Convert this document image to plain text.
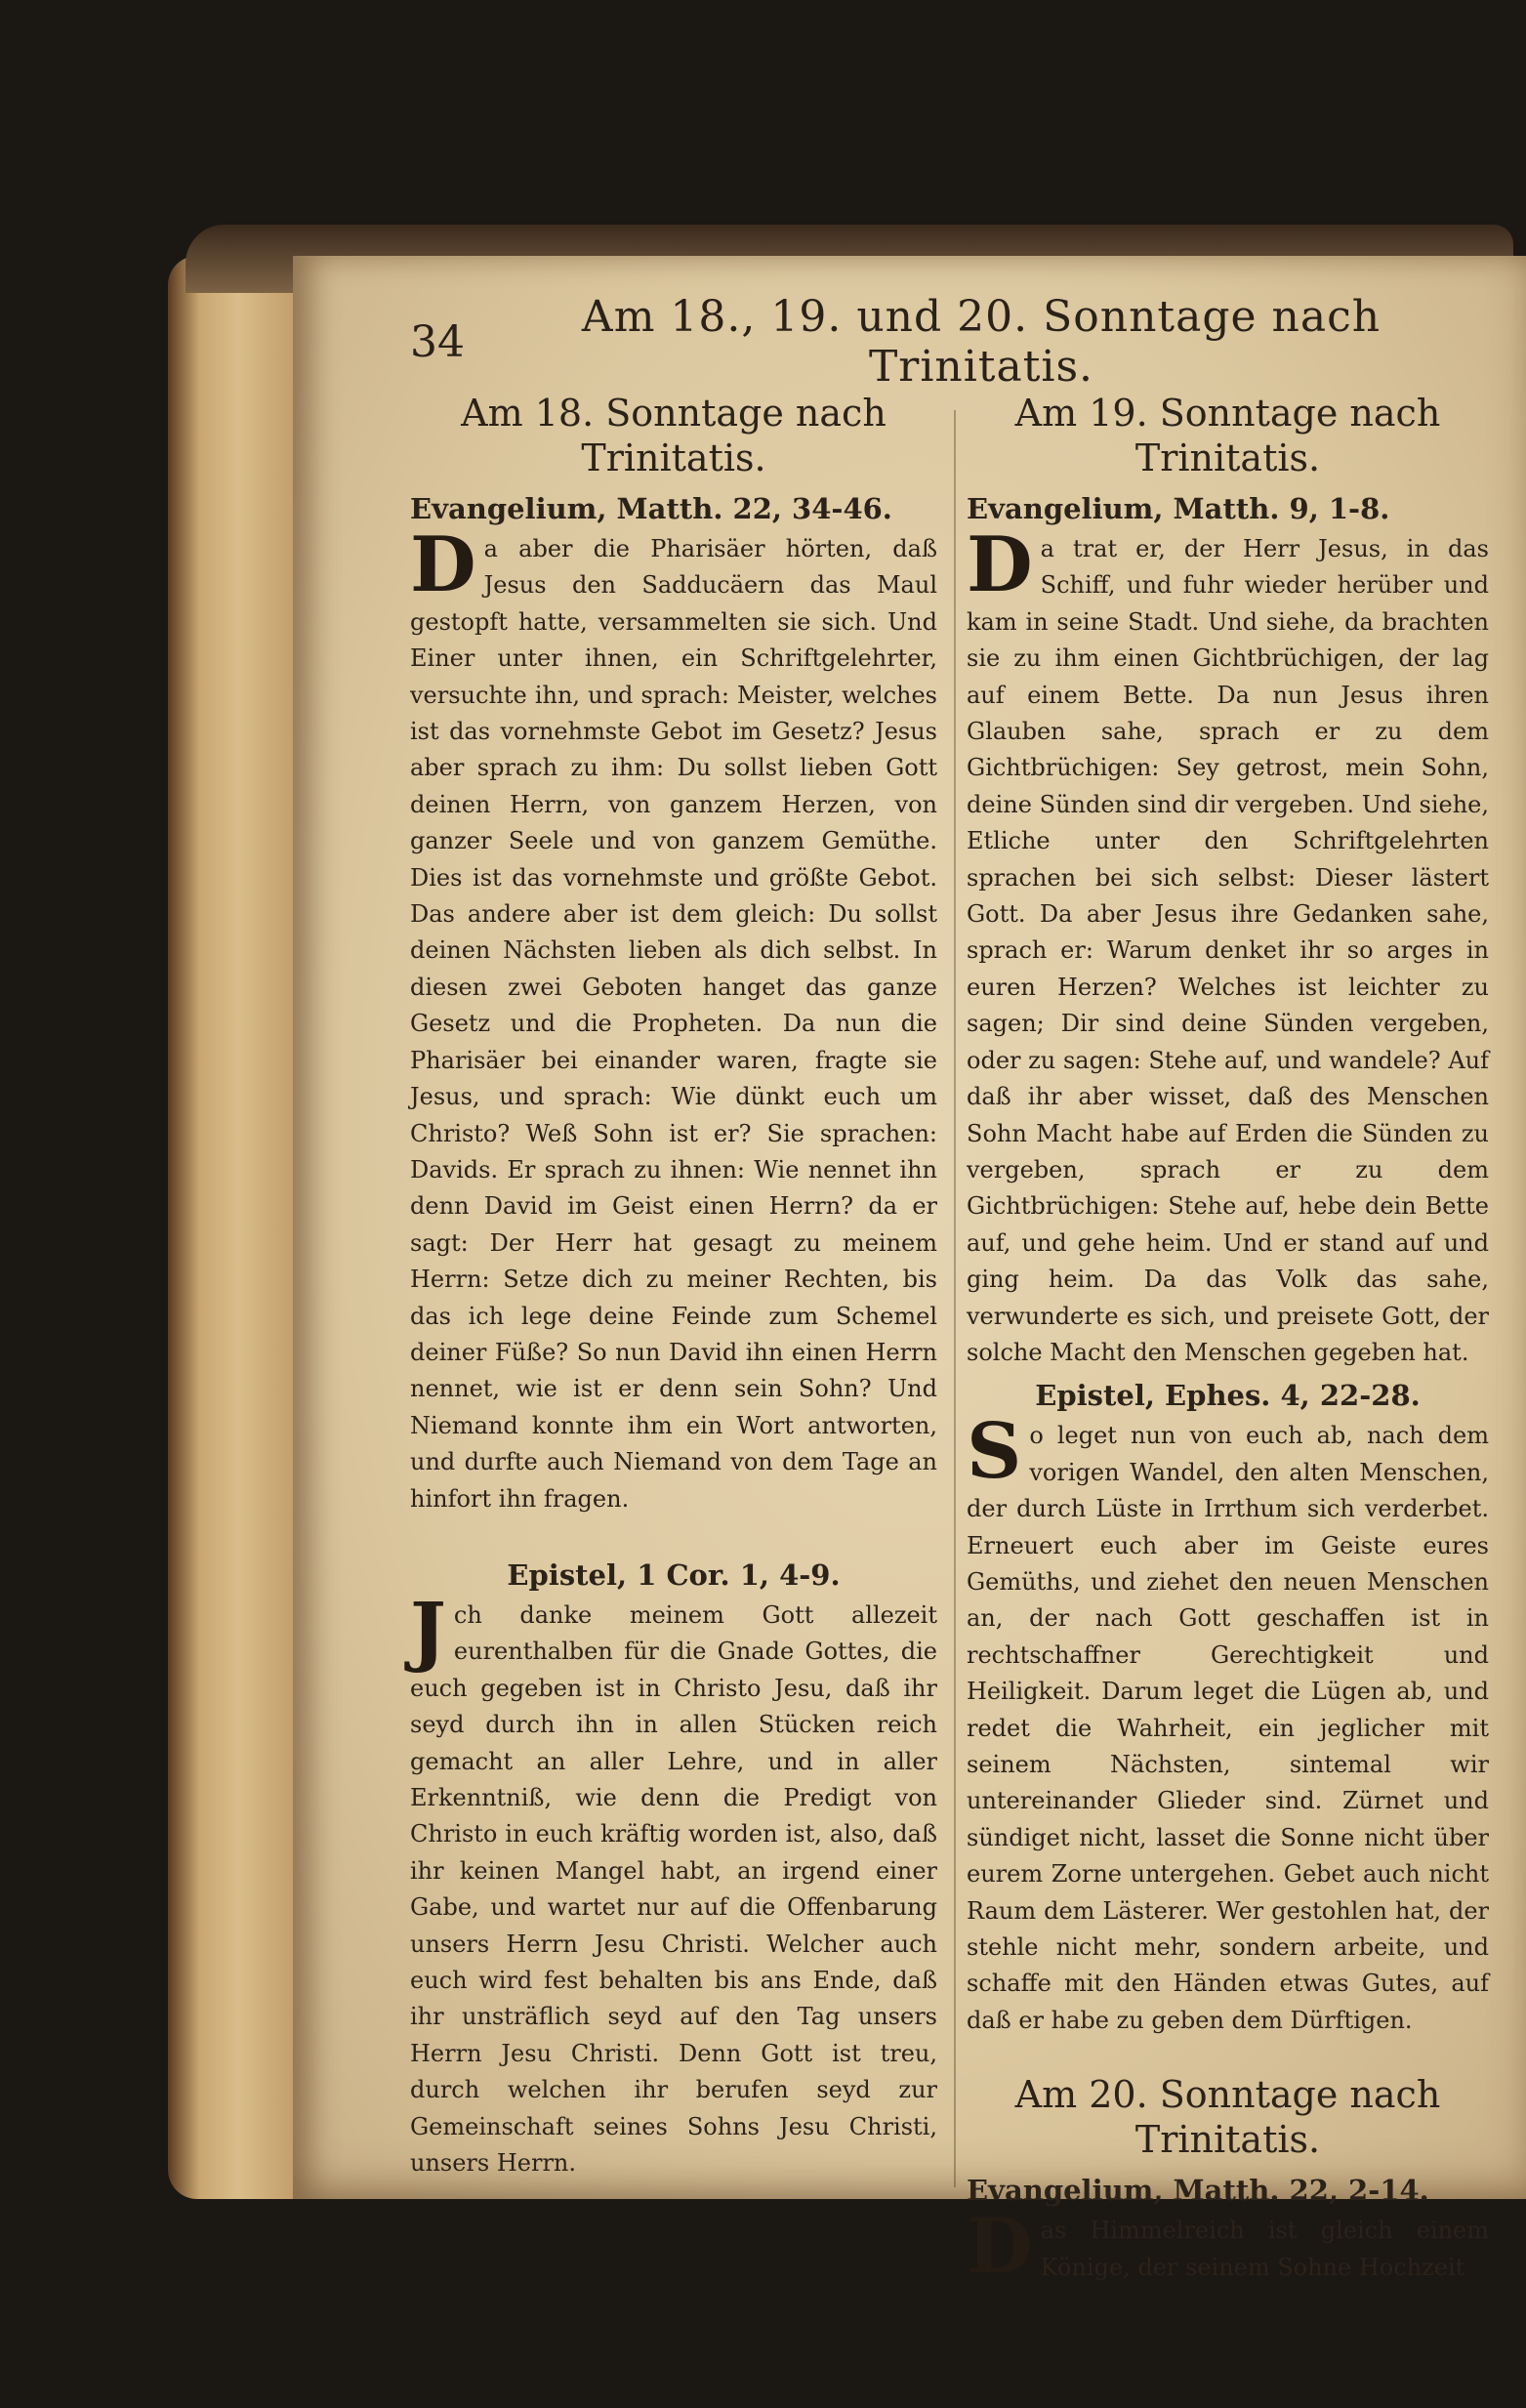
34	Am 18., 19. und 20. Sonntage nach Trinitatis.
Am 18. Sonntage nach Trinitatis.
Evangelium, Matth. 22, 34-46.

Da aber die Pharisäer hörten, daß Jesus den Sadducäern das Maul gestopft hatte, versammelten sie sich. Und Einer unter ihnen, ein Schriftgelehrter, versuchte ihn, und sprach: Meister, welches ist das vornehmste Gebot im Gesetz? Jesus aber sprach zu ihm: Du sollst lieben Gott deinen Herrn, von ganzem Herzen, von ganzer Seele und von ganzem Gemüthe. Dies ist das vornehmste und größte Gebot. Das andere aber ist dem gleich: Du sollst deinen Nächsten lieben als dich selbst. In diesen zwei Geboten hanget das ganze Gesetz und die Propheten. Da nun die Pharisäer bei einander waren, fragte sie Jesus, und sprach: Wie dünkt euch um Christo? Weß Sohn ist er? Sie sprachen: Davids. Er sprach zu ihnen: Wie nennet ihn denn David im Geist einen Herrn? da er sagt: Der Herr hat gesagt zu meinem Herrn: Setze dich zu meiner Rechten, bis das ich lege deine Feinde zum Schemel deiner Füße? So nun David ihn einen Herrn nennet, wie ist er denn sein Sohn? Und Niemand konnte ihm ein Wort antworten, und durfte auch Niemand von dem Tage an hinfort ihn fragen.

Epistel, 1 Cor. 1, 4-9.

Jch danke meinem Gott allezeit eurenthalben für die Gnade Gottes, die euch gegeben ist in Christo Jesu, daß ihr seyd durch ihn in allen Stücken reich gemacht an aller Lehre, und in aller Erkenntniß, wie denn die Predigt von Christo in euch kräftig worden ist, also, daß ihr keinen Mangel habt, an irgend einer Gabe, und wartet nur auf die Offenbarung unsers Herrn Jesu Christi. Welcher auch euch wird fest behalten bis ans Ende, daß ihr unsträflich seyd auf den Tag unsers Herrn Jesu Christi. Denn Gott ist treu, durch welchen ihr berufen seyd zur Gemeinschaft seines Sohns Jesu Christi, unsers Herrn.

Am 19. Sonntage nach Trinitatis.
Evangelium, Matth. 9, 1-8.

Da trat er, der Herr Jesus, in das Schiff, und fuhr wieder herüber und kam in seine Stadt. Und siehe, da brachten sie zu ihm einen Gichtbrüchigen, der lag auf einem Bette. Da nun Jesus ihren Glauben sahe, sprach er zu dem Gichtbrüchigen: Sey getrost, mein Sohn, deine Sünden sind dir vergeben. Und siehe, Etliche unter den Schriftgelehrten sprachen bei sich selbst: Dieser lästert Gott. Da aber Jesus ihre Gedanken sahe, sprach er: Warum denket ihr so arges in euren Herzen? Welches ist leichter zu sagen; Dir sind deine Sünden vergeben, oder zu sagen: Stehe auf, und wandele? Auf daß ihr aber wisset, daß des Menschen Sohn Macht habe auf Erden die Sünden zu vergeben, sprach er zu dem Gichtbrüchigen: Stehe auf, hebe dein Bette auf, und gehe heim. Und er stand auf und ging heim. Da das Volk das sahe, verwunderte es sich, und preisete Gott, der solche Macht den Menschen gegeben hat.

Epistel, Ephes. 4, 22-28.

So leget nun von euch ab, nach dem vorigen Wandel, den alten Menschen, der durch Lüste in Irrthum sich verderbet. Erneuert euch aber im Geiste eures Gemüths, und ziehet den neuen Menschen an, der nach Gott geschaffen ist in rechtschaffner Gerechtigkeit und Heiligkeit. Darum leget die Lügen ab, und redet die Wahrheit, ein jeglicher mit seinem Nächsten, sintemal wir untereinander Glieder sind. Zürnet und sündiget nicht, lasset die Sonne nicht über eurem Zorne untergehen. Gebet auch nicht Raum dem Lästerer. Wer gestohlen hat, der stehle nicht mehr, sondern arbeite, und schaffe mit den Händen etwas Gutes, auf daß er habe zu geben dem Dürftigen.

Am 20. Sonntage nach Trinitatis.
Evangelium, Matth. 22, 2-14.

Das Himmelreich ist gleich einem Könige, der seinem Sohne Hochzeit
